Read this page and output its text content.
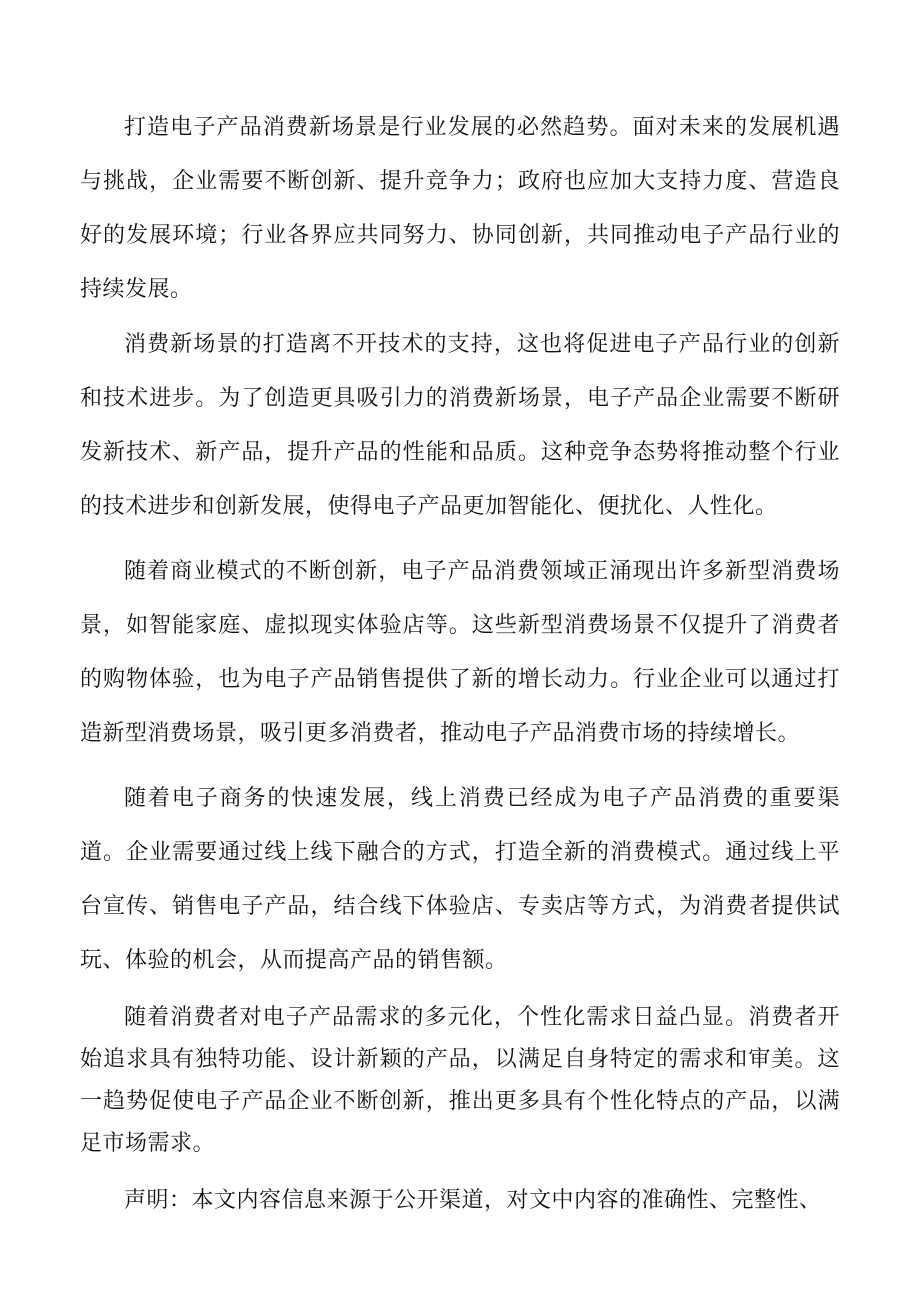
打造电子产品消费新场景是行业发展的必然趋势。面对未来的发展机遇与挑战，企业需要不断创新、提升竞争力；政府也应加大支持力度、营造良好的发展环境；行业各界应共同努力、协同创新，共同推动电子产品行业的持续发展。

消费新场景的打造离不开技术的支持，这也将促进电子产品行业的创新和技术进步。为了创造更具吸引力的消费新场景，电子产品企业需要不断研发新技术、新产品，提升产品的性能和品质。这种竞争态势将推动整个行业的技术进步和创新发展，使得电子产品更加智能化、便扰化、人性化。

随着商业模式的不断创新，电子产品消费领域正涌现出许多新型消费场景，如智能家庭、虚拟现实体验店等。这些新型消费场景不仅提升了消费者的购物体验，也为电子产品销售提供了新的增长动力。行业企业可以通过打造新型消费场景，吸引更多消费者，推动电子产品消费市场的持续增长。

随着电子商务的快速发展，线上消费已经成为电子产品消费的重要渠道。企业需要通过线上线下融合的方式，打造全新的消费模式。通过线上平台宣传、销售电子产品，结合线下体验店、专卖店等方式，为消费者提供试玩、体验的机会，从而提高产品的销售额。

随着消费者对电子产品需求的多元化，个性化需求日益凸显。消费者开始追求具有独特功能、设计新颖的产品，以满足自身特定的需求和审美。这一趋势促使电子产品企业不断创新，推出更多具有个性化特点的产品，以满足市场需求。

声明：本文内容信息来源于公开渠道，对文中内容的准确性、完整性、
